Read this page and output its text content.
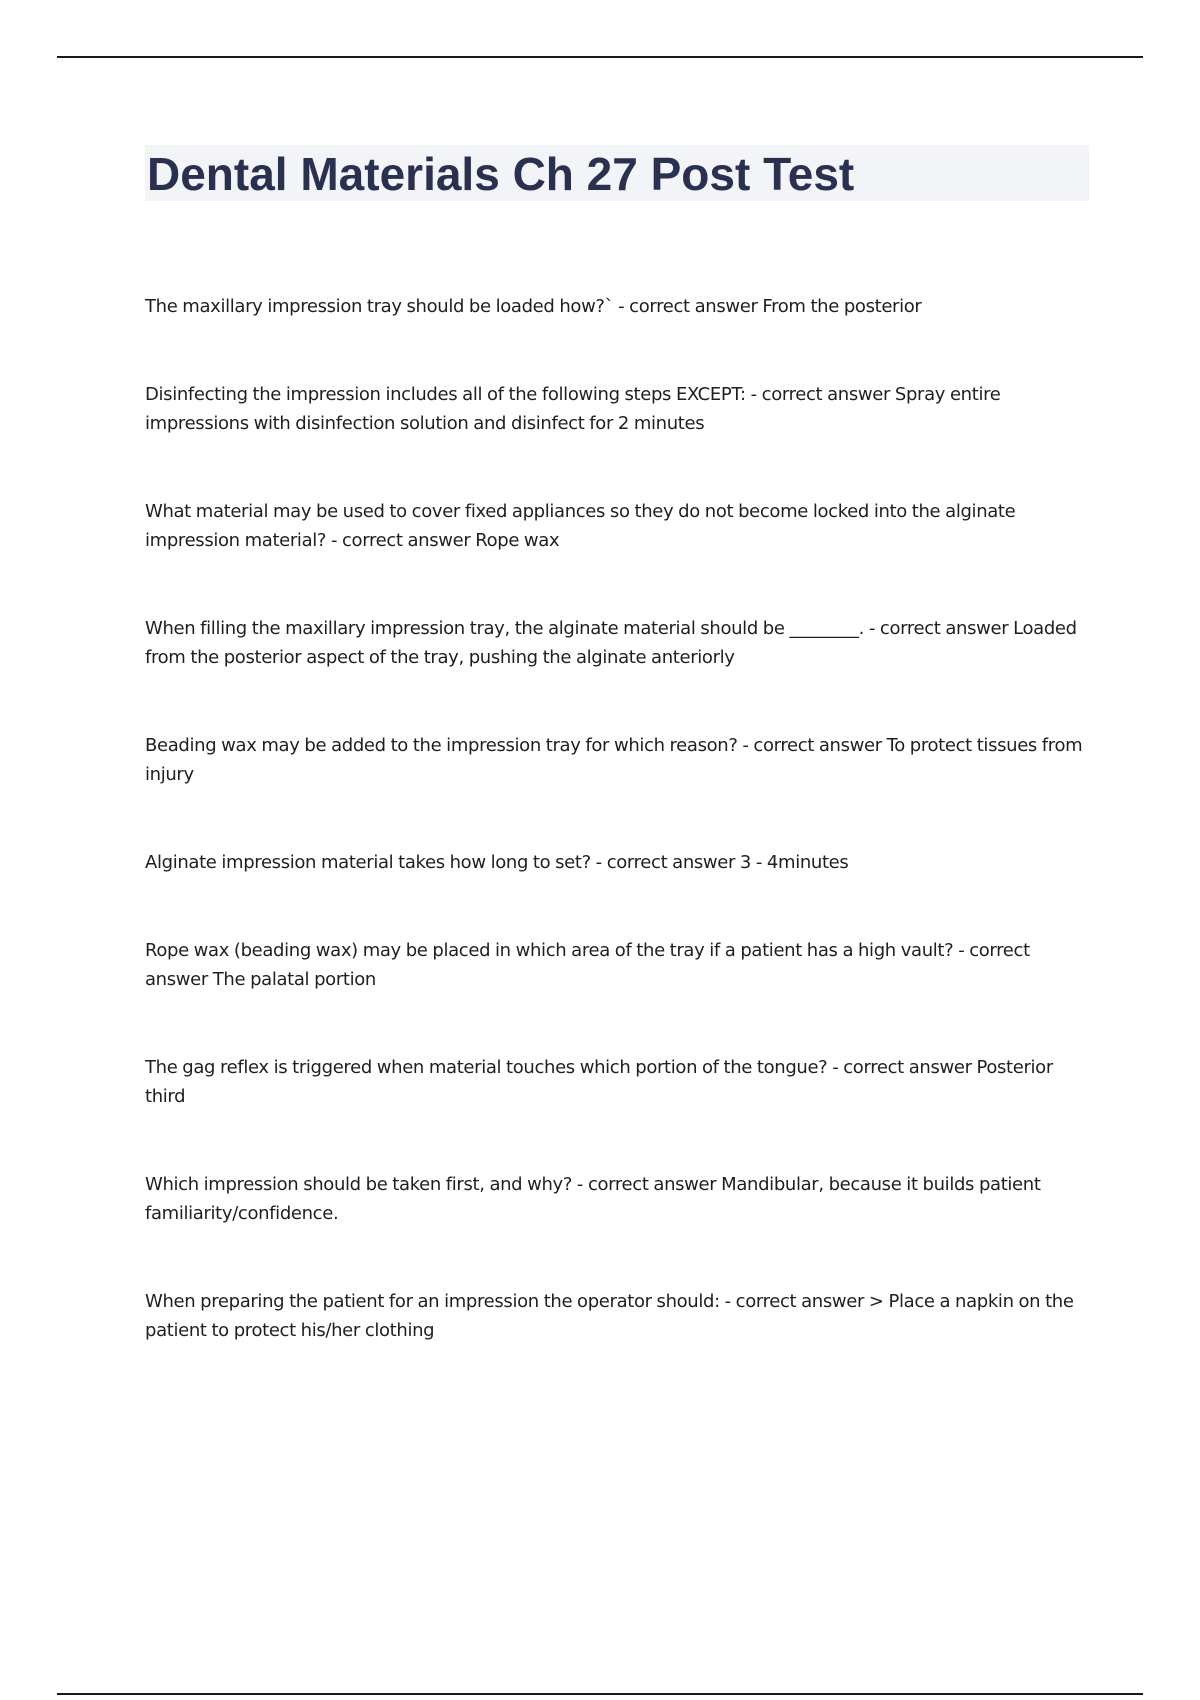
Dental Materials Ch 27 Post Test

The maxillary impression tray should be loaded how?` - correct answer From the posterior

Disinfecting the impression includes all of the following steps EXCEPT: - correct answer Spray entire impressions with disinfection solution and disinfect for 2 minutes

What material may be used to cover fixed appliances so they do not become locked into the alginate impression material? - correct answer Rope wax

When filling the maxillary impression tray, the alginate material should be ________. - correct answer Loaded from the posterior aspect of the tray, pushing the alginate anteriorly

Beading wax may be added to the impression tray for which reason? - correct answer To protect tissues from injury

Alginate impression material takes how long to set? - correct answer 3 - 4minutes

Rope wax (beading wax) may be placed in which area of the tray if a patient has a high vault? - correct answer The palatal portion

The gag reflex is triggered when material touches which portion of the tongue? - correct answer Posterior third

Which impression should be taken first, and why? - correct answer Mandibular, because it builds patient familiarity/confidence.

When preparing the patient for an impression the operator should: - correct answer > Place a napkin on the patient to protect his/her clothing
